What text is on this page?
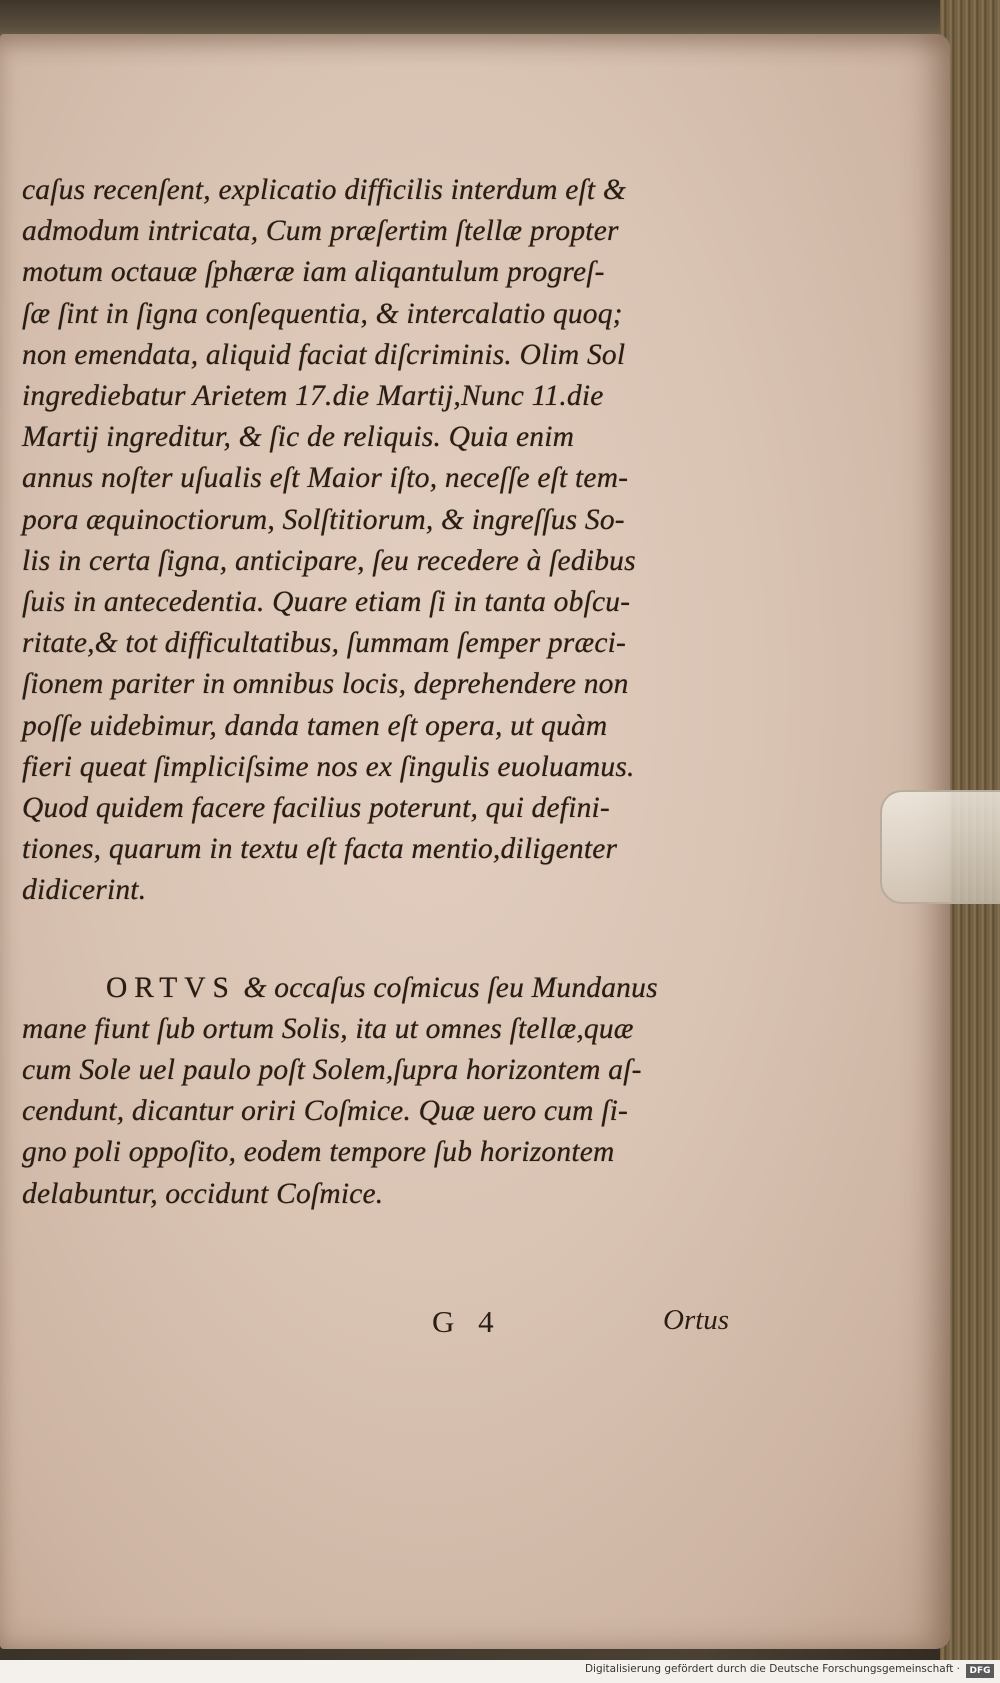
caſus recenſent, explicatio difficilis interdum eſt &
admodum intricata, Cum præſertim ſtellæ propter
motum octauæ ſphæræ iam aliqantulum progreſ-
ſæ ſint in ſigna conſequentia, & intercalatio quoq;
non emendata, aliquid faciat diſcriminis. Olim Sol
ingrediebatur Arietem 17.die Martij,Nunc 11.die
Martij ingreditur, & ſic de reliquis. Quia enim
annus noſter uſualis eſt Maior iſto, neceſſe eſt tem-
pora æquinoctiorum, Solſtitiorum, & ingreſſus So-
lis in certa ſigna, anticipare, ſeu recedere à ſedibus
ſuis in antecedentia. Quare etiam ſi in tanta obſcu-
ritate,& tot difficultatibus, ſummam ſemper præci-
ſionem pariter in omnibus locis, deprehendere non
poſſe uidebimur, danda tamen eſt opera, ut quàm
fieri queat ſimpliciſsime nos ex ſingulis euoluamus.
Quod quidem facere facilius poterunt, qui defini-
tiones, quarum in textu eſt facta mentio,diligenter
didicerint.
ORTVS & occaſus coſmicus ſeu Mundanus
mane fiunt ſub ortum Solis, ita ut omnes ſtellæ,quæ
cum Sole uel paulo poſt Solem,ſupra horizontem aſ-
cendunt, dicantur oriri Coſmice. Quæ uero cum ſi-
gno poli oppoſito, eodem tempore ſub horizontem
delabuntur, occidunt Coſmice.
G 4	Ortus
Digitalisierung gefördert durch die Deutsche Forschungsgemeinschaft ·	DFG
